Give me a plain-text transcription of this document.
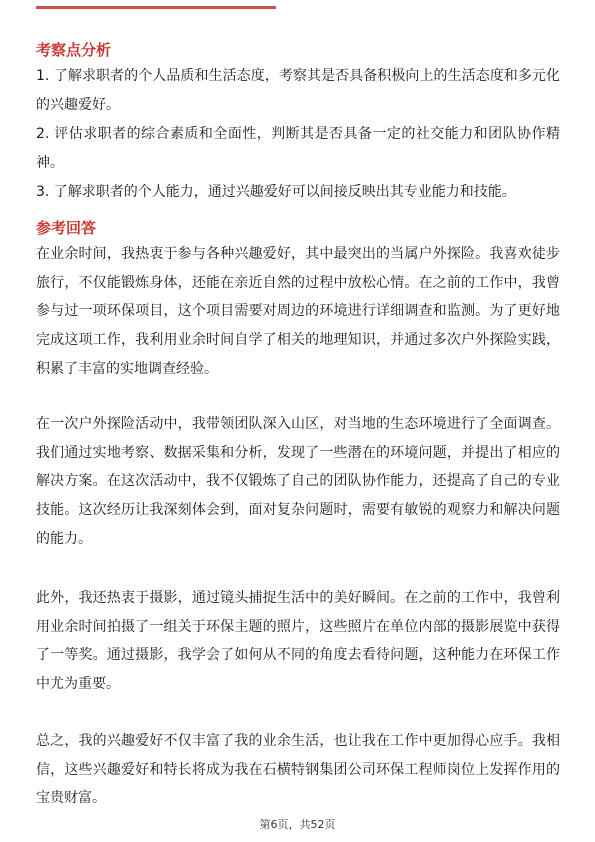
考察点分析

1. 了解求职者的个人品质和生活态度，考察其是否具备积极向上的生活态度和多元化的兴趣爱好。

2. 评估求职者的综合素质和全面性，判断其是否具备一定的社交能力和团队协作精神。

3. 了解求职者的个人能力，通过兴趣爱好可以间接反映出其专业能力和技能。

参考回答

在业余时间，我热衷于参与各种兴趣爱好，其中最突出的当属户外探险。我喜欢徒步旅行，不仅能锻炼身体，还能在亲近自然的过程中放松心情。在之前的工作中，我曾参与过一项环保项目，这个项目需要对周边的环境进行详细调查和监测。为了更好地完成这项工作，我利用业余时间自学了相关的地理知识，并通过多次户外探险实践，积累了丰富的实地调查经验。

在一次户外探险活动中，我带领团队深入山区，对当地的生态环境进行了全面调查。我们通过实地考察、数据采集和分析，发现了一些潜在的环境问题，并提出了相应的解决方案。在这次活动中，我不仅锻炼了自己的团队协作能力，还提高了自己的专业技能。这次经历让我深刻体会到，面对复杂问题时，需要有敏锐的观察力和解决问题的能力。

此外，我还热衷于摄影，通过镜头捕捉生活中的美好瞬间。在之前的工作中，我曾利用业余时间拍摄了一组关于环保主题的照片，这些照片在单位内部的摄影展览中获得了一等奖。通过摄影，我学会了如何从不同的角度去看待问题，这种能力在环保工作中尤为重要。

总之，我的兴趣爱好不仅丰富了我的业余生活，也让我在工作中更加得心应手。我相信，这些兴趣爱好和特长将成为我在石横特钢集团公司环保工程师岗位上发挥作用的宝贵财富。

第6页，共52页
